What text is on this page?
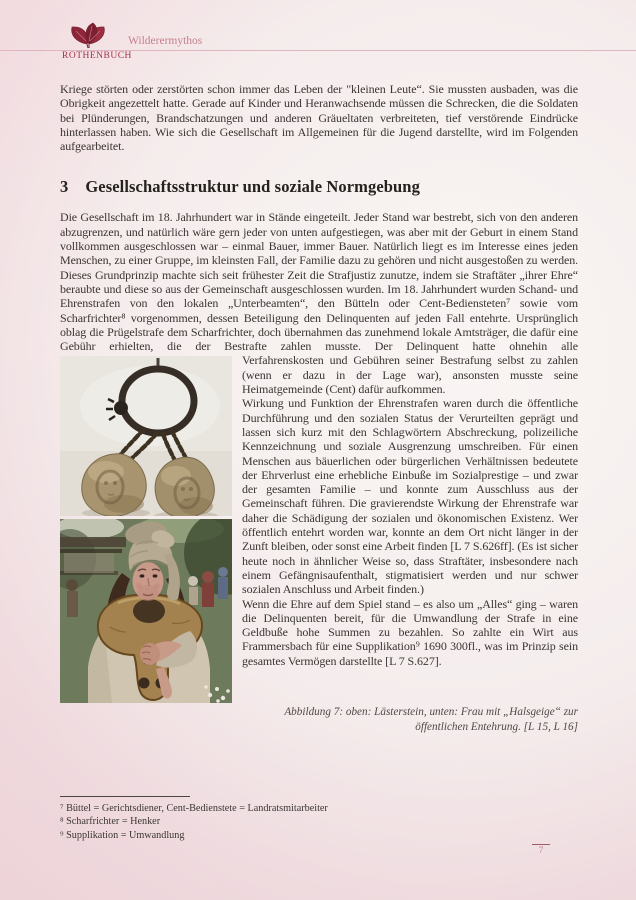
ROTHENBUCH
Wilderermythos

Kriege störten oder zerstörten schon immer das Leben der "kleinen Leute“. Sie mussten ausbaden, was die Obrigkeit angezettelt hatte. Gerade auf Kinder und Heranwachsende müssen die Schrecken, die die Soldaten bei Plünderungen, Brandschatzungen und anderen Gräueltaten verbreiteten, tief verstörende Eindrücke hinterlassen haben. Wie sich die Gesellschaft im Allgemeinen für die Jugend darstellte, wird im Folgenden aufgearbeitet.

3 Gesellschaftsstruktur und soziale Normgebung

Die Gesellschaft im 18. Jahrhundert war in Stände eingeteilt. Jeder Stand war bestrebt, sich von den anderen abzugrenzen, und natürlich wäre gern jeder von unten aufgestiegen, was aber mit der Geburt in einem Stand vollkommen ausgeschlossen war – einmal Bauer, immer Bauer. Natürlich liegt es im Interesse eines jeden Menschen, zu einer Gruppe, im kleinsten Fall, der Familie dazu zu gehören und nicht ausgestoßen zu werden. Dieses Grundprinzip machte sich seit frühester Zeit die Strafjustiz zunutze, indem sie Straftäter „ihrer Ehre“ beraubte und diese so aus der Gemeinschaft ausgeschlossen wurden. Im 18. Jahrhundert wurden Schand- und Ehrenstrafen von den lokalen „Unterbeamten“, den Bütteln oder Cent-Bediensteten⁷ sowie vom Scharfrichter⁸ vorgenommen, dessen Beteiligung den Delinquenten auf jeden Fall entehrte. Ursprünglich oblag die Prügelstrafe dem Scharfrichter, doch übernahmen das zunehmend lokale Amtsträger, die dafür eine Gebühr erhielten, die der Bestrafte zahlen musste. Der Delinquent hatte ohnehin alle

Verfahrenskosten und Gebühren seiner Bestrafung selbst zu zahlen (wenn er dazu in der Lage war), ansonsten musste seine Heimatgemeinde (Cent) dafür aufkommen.

Wirkung und Funktion der Ehrenstrafen waren durch die öffentliche Durchführung und den sozialen Status der Verurteilten geprägt und lassen sich kurz mit den Schlagwörtern Abschreckung, polizeiliche Kennzeichnung und soziale Ausgrenzung umschreiben. Für einen Menschen aus bäuerlichen oder bürgerlichen Verhältnissen bedeutete der Ehrverlust eine erhebliche Einbuße im Sozialprestige – und zwar der gesamten Familie – und konnte zum Ausschluss aus der Gemeinschaft führen. Die gravierendste Wirkung der Ehrenstrafe war daher die Schädigung der sozialen und ökonomischen Existenz. Wer öffentlich entehrt worden war, konnte an dem Ort nicht länger in der Zunft bleiben, oder sonst eine Arbeit finden [L 7 S.626ff]. (Es ist sicher heute noch in ähnlicher Weise so, dass Straftäter, insbesondere nach einem Gefängnisaufenthalt, stigmatisiert werden und nur schwer sozialen Anschluss und Arbeit finden.)

Wenn die Ehre auf dem Spiel stand – es also um „Alles“ ging – waren die Delinquenten bereit, für die Umwandlung der Strafe in eine Geldbuße hohe Summen zu bezahlen. So zahlte ein Wirt aus Frammersbach für eine Supplikation⁹ 1690 300fl., was im Prinzip sein gesamtes Vermögen darstellte [L 7 S.627].

Abbildung 7: oben: Lästerstein, unten: Frau mit „Halsgeige“ zur öffentlichen Entehrung. [L 15, L 16]
⁷ Büttel = Gerichtsdiener, Cent-Bedienstete = Landratsmitarbeiter
⁸ Scharfrichter = Henker
⁹ Supplikation = Umwandlung
7
